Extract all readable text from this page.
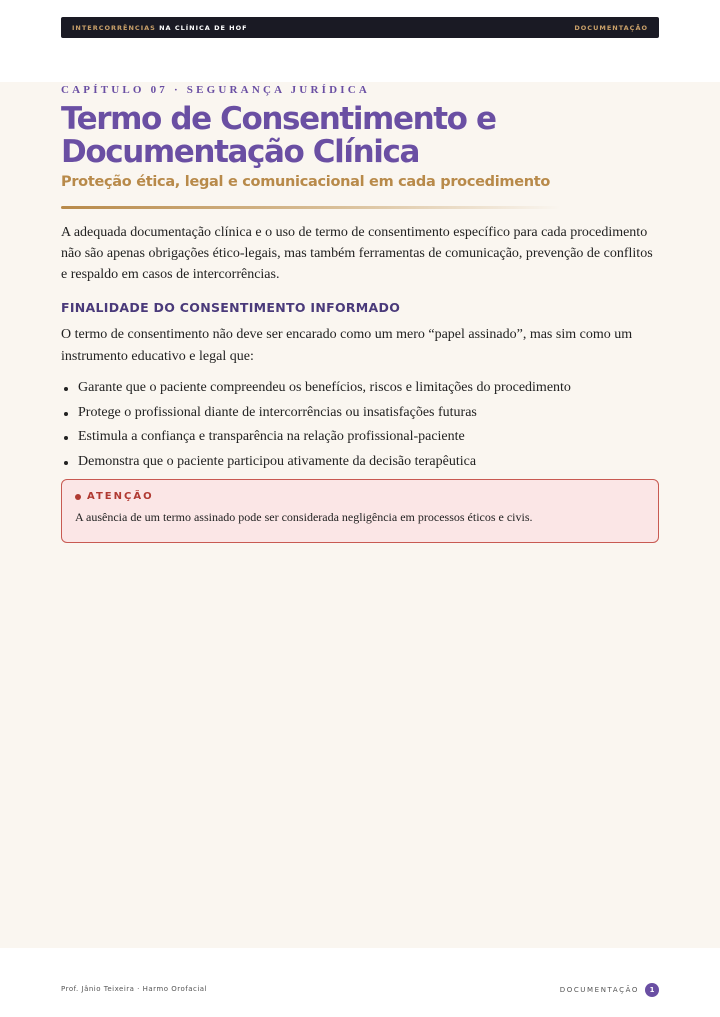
INTERCORRÊNCIAS NA CLÍNICA DE HOF	DOCUMENTAÇÃO
CAPÍTULO 07 · SEGURANÇA JURÍDICA
Termo de Consentimento e Documentação Clínica
Proteção ética, legal e comunicacional em cada procedimento

A adequada documentação clínica e o uso de termo de consentimento específico para cada procedimento não são apenas obrigações ético-legais, mas também ferramentas de comunicação, prevenção de conflitos e respaldo em casos de intercorrências.

FINALIDADE DO CONSENTIMENTO INFORMADO

O termo de consentimento não deve ser encarado como um mero “papel assinado”, mas sim como um instrumento educativo e legal que:

Garante que o paciente compreendeu os benefícios, riscos e limitações do procedimento
Protege o profissional diante de intercorrências ou insatisfações futuras
Estimula a confiança e transparência na relação profissional-paciente
Demonstra que o paciente participou ativamente da decisão terapêutica
ATENÇÃO
A ausência de um termo assinado pode ser considerada negligência em processos éticos e civis.
Prof. Jânio Teixeira · Harmo Orofacial	DOCUMENTAÇÃO	1
